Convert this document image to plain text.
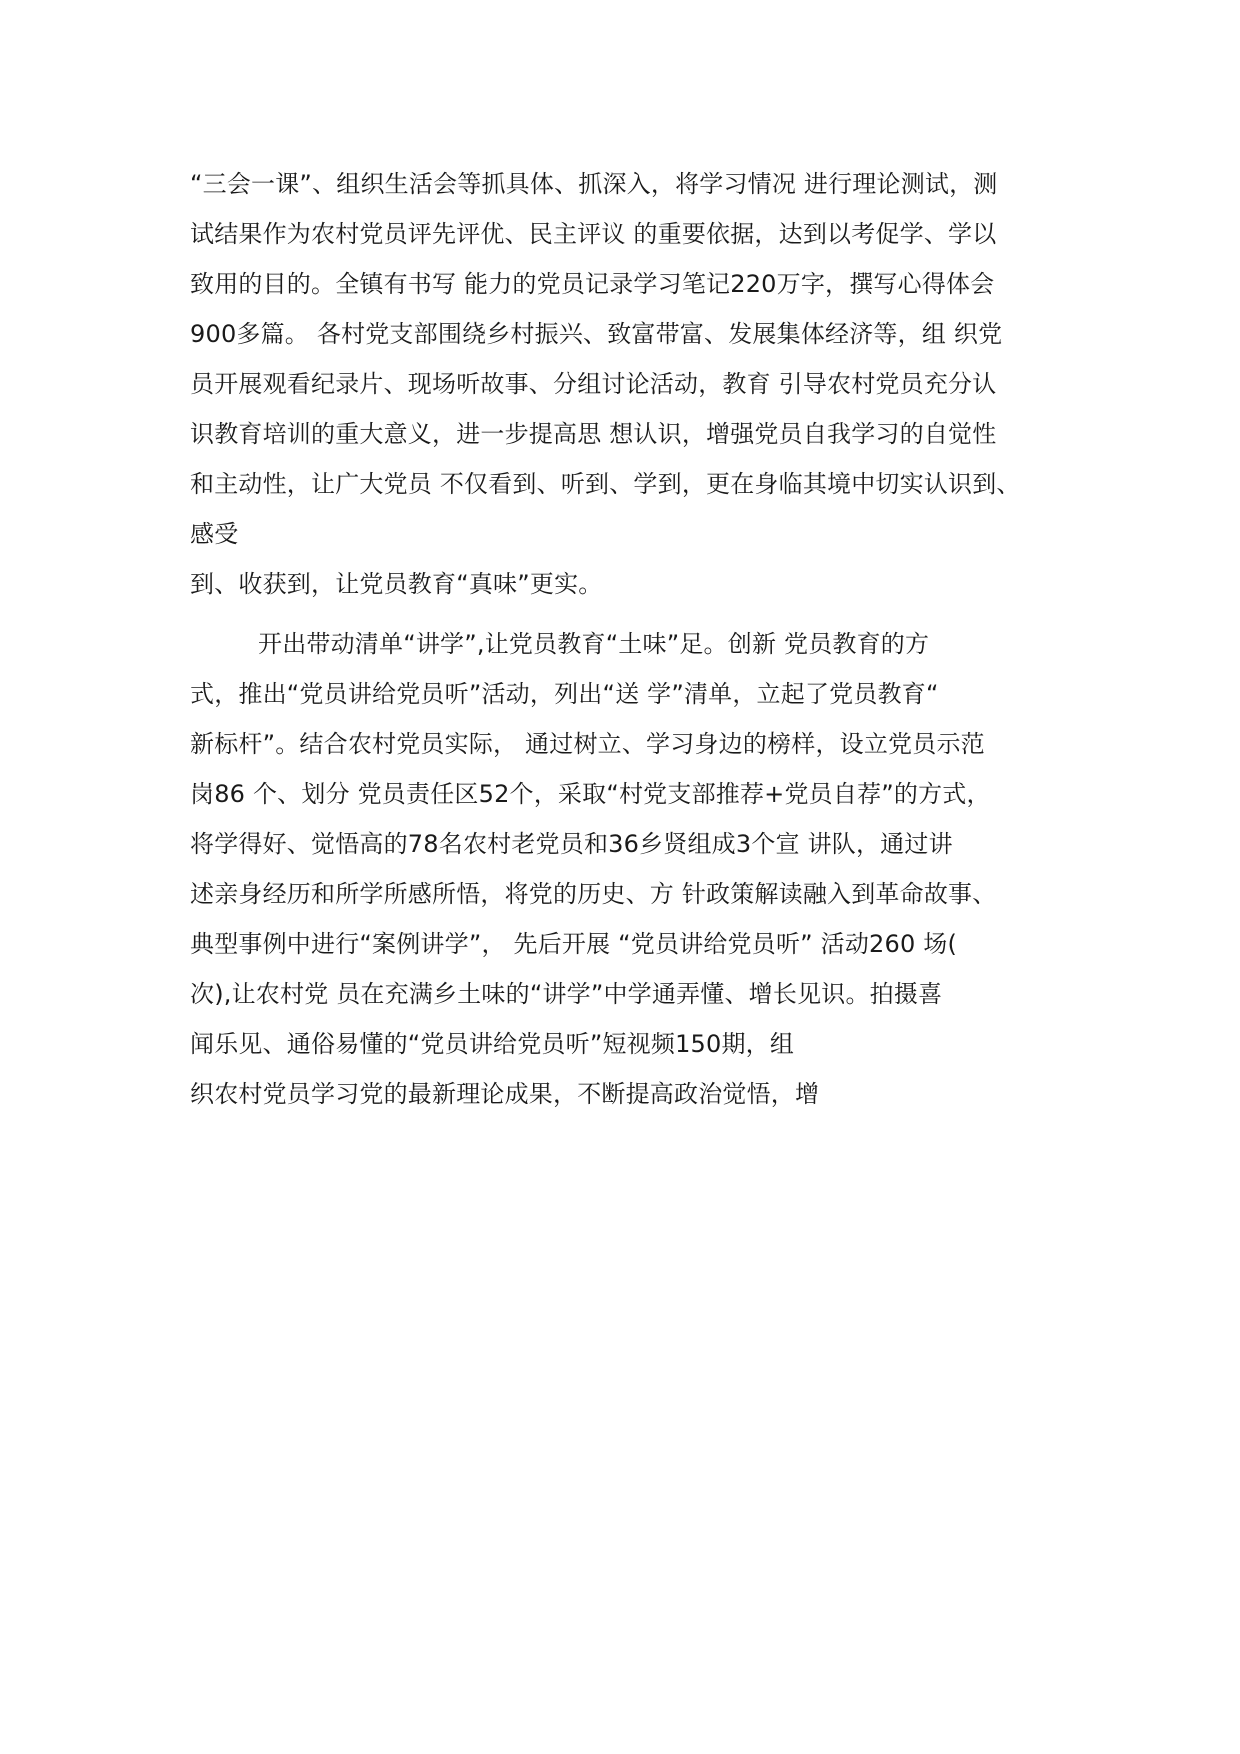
“三会一课”、组织生活会等抓具体、抓深入，将学习情况 进行理论测试，测
试结果作为农村党员评先评优、民主评议 的重要依据，达到以考促学、学以
致用的目的。全镇有书写 能力的党员记录学习笔记220万字，撰写心得体会
900多篇。 各村党支部围绕乡村振兴、致富带富、发展集体经济等，组 织党
员开展观看纪录片、现场听故事、分组讨论活动，教育 引导农村党员充分认
识教育培训的重大意义，进一步提高思 想认识，增强党员自我学习的自觉性
和主动性，让广大党员 不仅看到、听到、学到，更在身临其境中切实认识到、
感受
到、收获到，让党员教育“真味”更实。
开出带动清单“讲学”,让党员教育“土味”足。创新 党员教育的方
式，推出“党员讲给党员听”活动，列出“送 学”清单，立起了党员教育“
新标杆”。结合农村党员实际， 通过树立、学习身边的榜样，设立党员示范
岗86 个、划分 党员责任区52个，采取“村党支部推荐+党员自荐”的方式，
将学得好、觉悟高的78名农村老党员和36乡贤组成3个宣 讲队，通过讲
述亲身经历和所学所感所悟，将党的历史、方 针政策解读融入到革命故事、
典型事例中进行“案例讲学”， 先后开展 “党员讲给党员听” 活动260 场(
次),让农村党 员在充满乡土味的“讲学”中学通弄懂、增长见识。拍摄喜
闻乐见、通俗易懂的“党员讲给党员听”短视频150期，组
织农村党员学习党的最新理论成果，不断提高政治觉悟，增
